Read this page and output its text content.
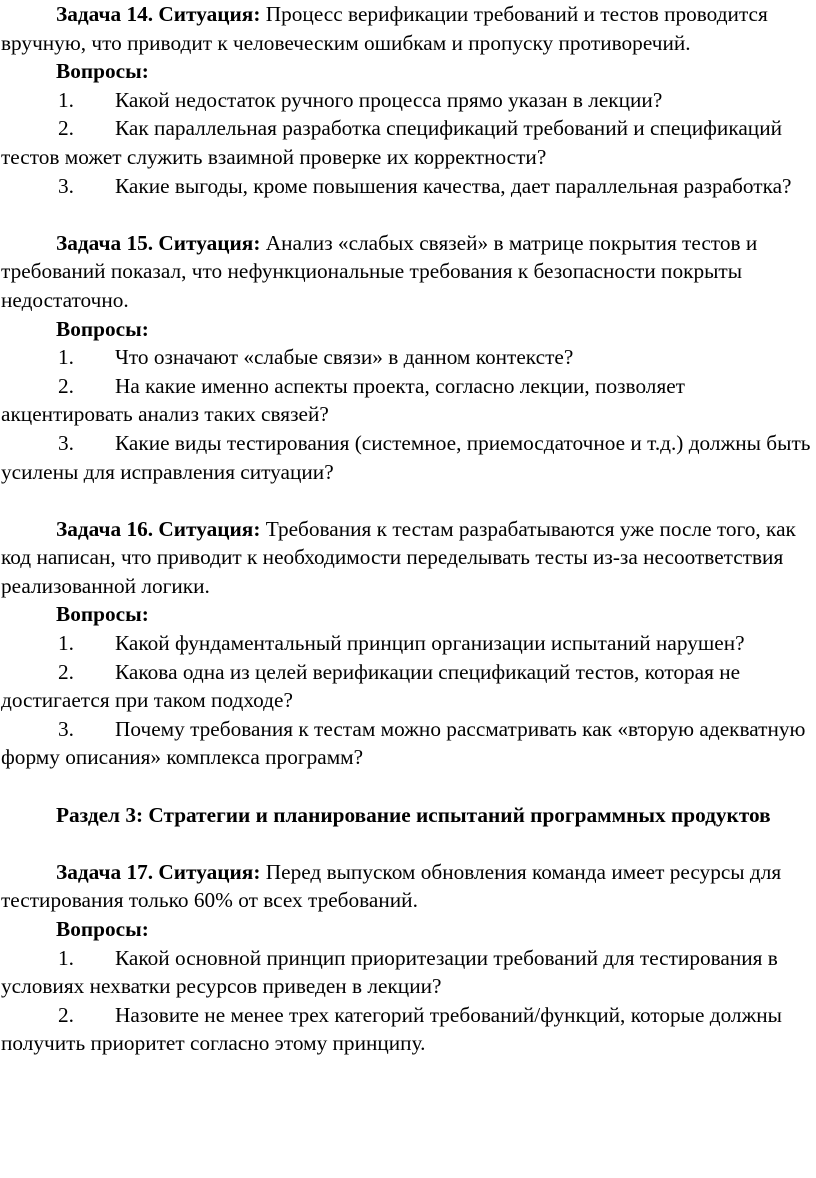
Задача 14. Ситуация: Процесс верификации требований и тестов проводится вручную, что приводит к человеческим ошибкам и пропуску противоречий.

Вопросы:

1. Какой недостаток ручного процесса прямо указан в лекции?

2. Как параллельная разработка спецификаций требований и спецификаций тестов может служить взаимной проверке их корректности?

3. Какие выгоды, кроме повышения качества, дает параллельная разработка?

Задача 15. Ситуация: Анализ «слабых связей» в матрице покрытия тестов и требований показал, что нефункциональные требования к безопасности покрыты недостаточно.

Вопросы:

1. Что означают «слабые связи» в данном контексте?

2. На какие именно аспекты проекта, согласно лекции, позволяет акцентировать анализ таких связей?

3. Какие виды тестирования (системное, приемосдаточное и т.д.) должны быть усилены для исправления ситуации?

Задача 16. Ситуация: Требования к тестам разрабатываются уже после того, как код написан, что приводит к необходимости переделывать тесты из-за несоответствия реализованной логики.

Вопросы:

1. Какой фундаментальный принцип организации испытаний нарушен?

2. Какова одна из целей верификации спецификаций тестов, которая не достигается при таком подходе?

3. Почему требования к тестам можно рассматривать как «вторую адекватную форму описания» комплекса программ?

Раздел 3: Стратегии и планирование испытаний программных продуктов

Задача 17. Ситуация: Перед выпуском обновления команда имеет ресурсы для тестирования только 60% от всех требований.

Вопросы:

1. Какой основной принцип приоритезации требований для тестирования в условиях нехватки ресурсов приведен в лекции?

2. Назовите не менее трех категорий требований/функций, которые должны получить приоритет согласно этому принципу.
